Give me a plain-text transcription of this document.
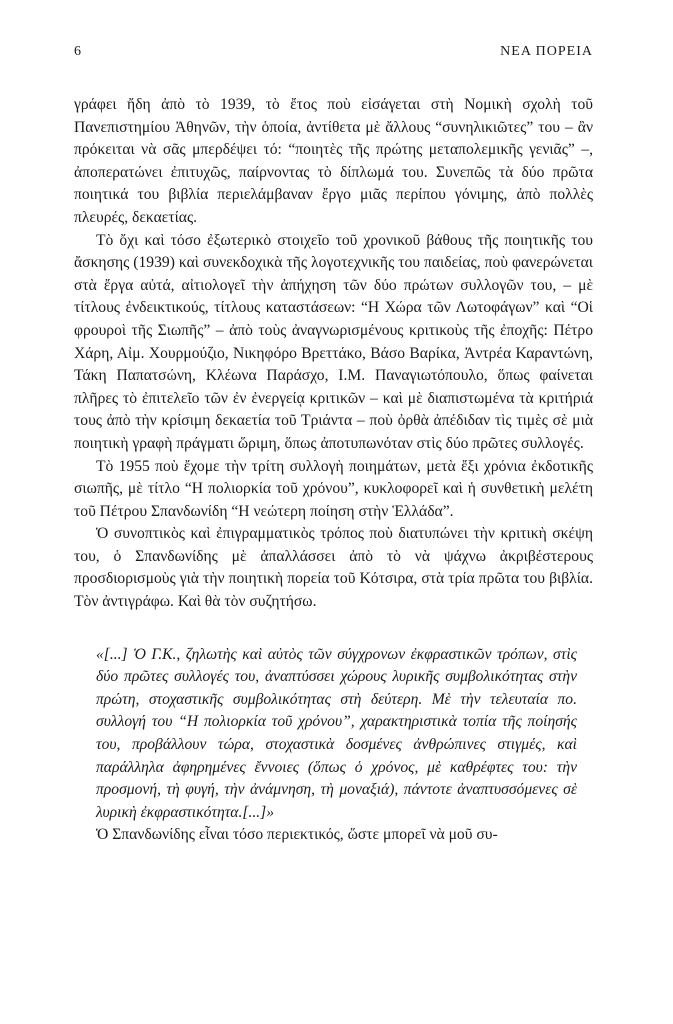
6	ΝΕΑ ΠΟΡΕΙΑ

γράφει ἤδη ἀπὸ τὸ 1939, τὸ ἔτος ποὺ εἰσάγεται στὴ Νομικὴ σχολὴ τοῦ Πανεπιστημίου Ἀθηνῶν, τὴν ὁποία, ἀντίθετα μὲ ἄλλους “συνηλικιῶτες” του – ἂν πρόκειται νὰ σᾶς μπερδέψει τό: “ποιητὲς τῆς πρώτης μεταπολεμικῆς γενιᾶς” –, ἀποπερατώνει ἐπιτυχῶς, παίρνοντας τὸ δίπλωμά του. Συνεπῶς τὰ δύο πρῶτα ποιητικά του βιβλία περιελάμβαναν ἔργο μιᾶς περίπου γόνιμης, ἀπὸ πολλὲς πλευρές, δεκαετίας.

Τὸ ὄχι καὶ τόσο ἐξωτερικὸ στοιχεῖο τοῦ χρονικοῦ βάθους τῆς ποιητικῆς του ἄσκησης (1939) καὶ συνεκδοχικὰ τῆς λογοτεχνικῆς του παιδείας, ποὺ φανερώνεται στὰ ἔργα αὐτά, αἰτιολογεῖ τὴν ἀπήχηση τῶν δύο πρώτων συλλογῶν του, – μὲ τίτλους ἐνδεικτικούς, τίτλους καταστάσεων: “Η Χώρα τῶν Λωτοφάγων” καὶ “Οἱ φρουροὶ τῆς Σιωπῆς” – ἀπὸ τοὺς ἀναγνωρισμένους κριτικοὺς τῆς ἐποχῆς: Πέτρο Χάρη, Αἰμ. Χουρμούζιο, Νικηφόρο Βρεττάκο, Βάσο Βαρίκα, Ἀντρέα Καραντώνη, Τάκη Παπατσώνη, Κλέωνα Παράσχο, Ι.Μ. Παναγιωτόπουλο, ὅπως φαίνεται πλῆρες τὸ ἐπιτελεῖο τῶν ἐν ἐνεργείᾳ κριτικῶν – καὶ μὲ διαπιστωμένα τὰ κριτήριά τους ἀπὸ τὴν κρίσιμη δεκαετία τοῦ Τριάντα – ποὺ ὀρθὰ ἀπέδιδαν τὶς τιμὲς σὲ μιὰ ποιητικὴ γραφὴ πράγματι ὥριμη, ὅπως ἀποτυπωνόταν στὶς δύο πρῶτες συλλογές.

Τὸ 1955 ποὺ ἔχομε τὴν τρίτη συλλογὴ ποιημάτων, μετὰ ἔξι χρόνια ἐκδοτικῆς σιωπῆς, μὲ τίτλο “Η πολιορκία τοῦ χρόνου”, κυκλοφορεῖ καὶ ἡ συνθετικὴ μελέτη τοῦ Πέτρου Σπανδωνίδη “Η νεώτερη ποίηση στὴν Ἑλλάδα”.

Ὁ συνοπτικὸς καὶ ἐπιγραμματικὸς τρόπος ποὺ διατυπώνει τὴν κριτικὴ σκέψη του, ὁ Σπανδωνίδης μὲ ἀπαλλάσσει ἀπὸ τὸ νὰ ψάχνω ἀκριβέστερους προσδιορισμοὺς γιὰ τὴν ποιητικὴ πορεία τοῦ Κότσιρα, στὰ τρία πρῶτα του βιβλία. Τὸν ἀντιγράφω. Καὶ θὰ τὸν συζητήσω.

«[...] Ὁ Γ.Κ., ζηλωτὴς καὶ αὐτὸς τῶν σύγχρονων ἐκφραστικῶν τρόπων, στὶς δύο πρῶτες συλλογές του, ἀναπτύσσει χώρους λυρικῆς συμβολικότητας στὴν πρώτη, στοχαστικῆς συμβολικότητας στὴ δεύτερη. Μὲ τὴν τελευταία πο. συλλογή του “Η πολιορκία τοῦ χρόνου”, χαρακτηριστικὰ τοπία τῆς ποίησής του, προβάλλουν τώρα, στοχαστικὰ δοσμένες ἀνθρώπινες στιγμές, καὶ παράλληλα ἀφηρημένες ἔννοιες (ὅπως ὁ χρόνος, μὲ καθρέφτες του: τὴν προσμονή, τὴ φυγή, τὴν ἀνάμνηση, τὴ μοναξιά), πάντοτε ἀναπτυσσόμενες σὲ λυρικὴ ἐκφραστικότητα.[...]»

Ὁ Σπανδωνίδης εἶναι τόσο περιεκτικός, ὥστε μπορεῖ νὰ μοῦ συ-
